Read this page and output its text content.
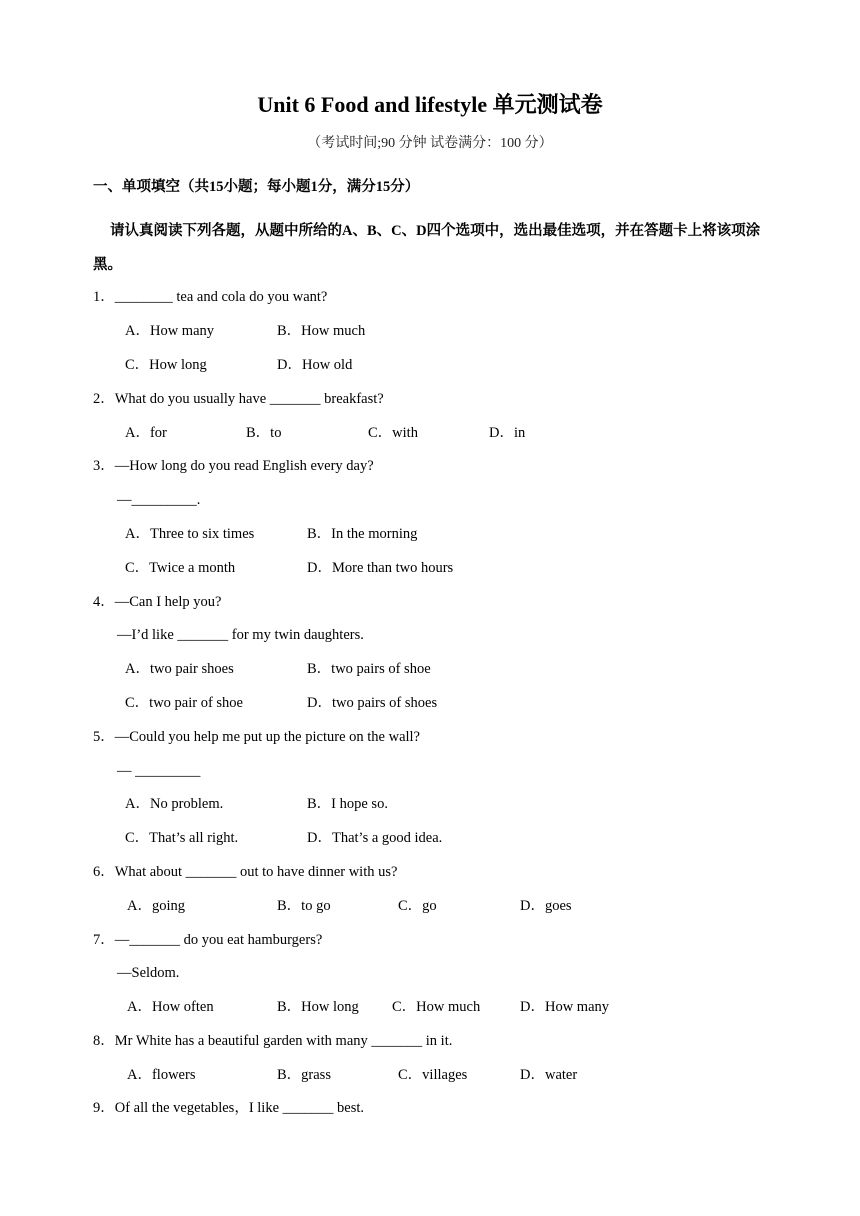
Unit 6 Food and lifestyle 单元测试卷
（考试时间;90 分钟 试卷满分：100 分）
一、单项填空（共15小题；每小题1分，满分15分）
请认真阅读下列各题，从题中所给的A、B、C、D四个选项中，选出最佳选项，并在答题卡上将该项涂黑。
1．________ tea and cola do you want?
A．How many	B．How much
C．How long	D．How old
2．What do you usually have _______ breakfast?
A．for	B．to	C．with	D．in
3．—How long do you read English every day?
—_________.
A．Three to six times	B．In the morning
C．Twice a month	D．More than two hours
4．—Can I help you?
—I’d like _______ for my twin daughters.
A．two pair shoes	B．two pairs of shoe
C．two pair of shoe	D．two pairs of shoes
5．—Could you help me put up the picture on the wall?
— _________
A．No problem.	B．I hope so.
C．That’s all right.	D．That’s a good idea.
6．What about _______ out to have dinner with us?
A．going	B．to go	C．go	D．goes
7．—_______ do you eat hamburgers?
—Seldom.
A．How often	B．How long C．How much	D．How many
8．Mr White has a beautiful garden with many _______ in it.
A．flowers	B．grass	C．villages	D．water
9．Of all the vegetables，I like _______ best.
